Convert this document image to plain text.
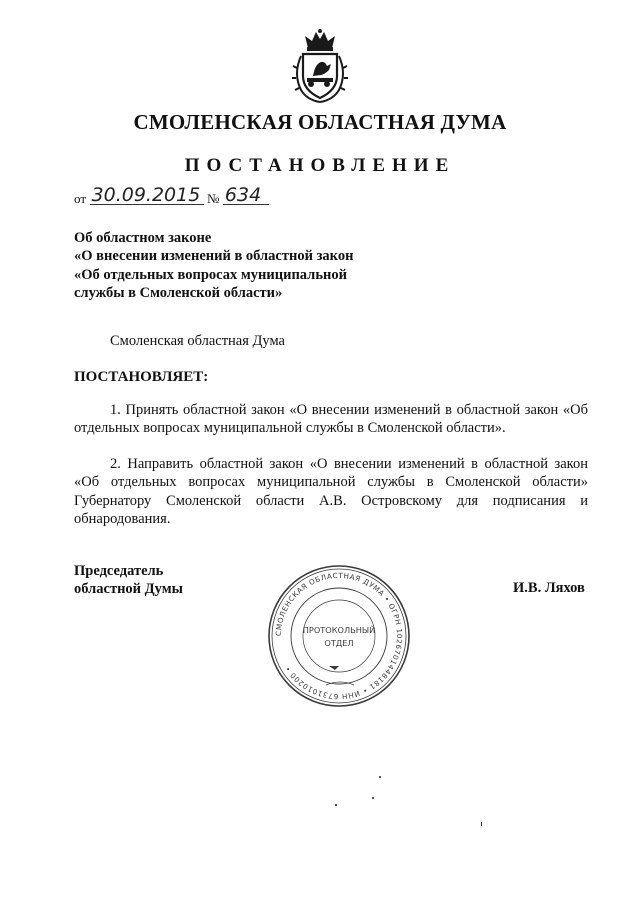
СМОЛЕНСКАЯ ОБЛАСТНАЯ ДУМА
ПОСТАНОВЛЕНИЕ
от 30.09.2015 № 634
Об областном законе
«О внесении изменений в областной закон
«Об отдельных вопросах муниципальной
службы в Смоленской области»
Смоленская областная Дума
ПОСТАНОВЛЯЕТ:
1. Принять областной закон «О внесении изменений в областной закон «Об отдельных вопросах муниципальной службы в Смоленской области».
2. Направить областной закон «О внесении изменений в областной закон «Об отдельных вопросах муниципальной службы в Смоленской области» Губернатору Смоленской области А.В. Островскому для подписания и обнародования.
Председатель
областной Думы	И.В. Ляхов
СМОЛЕНСКАЯ ОБЛАСТНАЯ ДУМА • ОГРН 1026701448181 • ИНН 6731010200 •
ПРОТОКОЛЬНЫЙ
ОТДЕЛ
